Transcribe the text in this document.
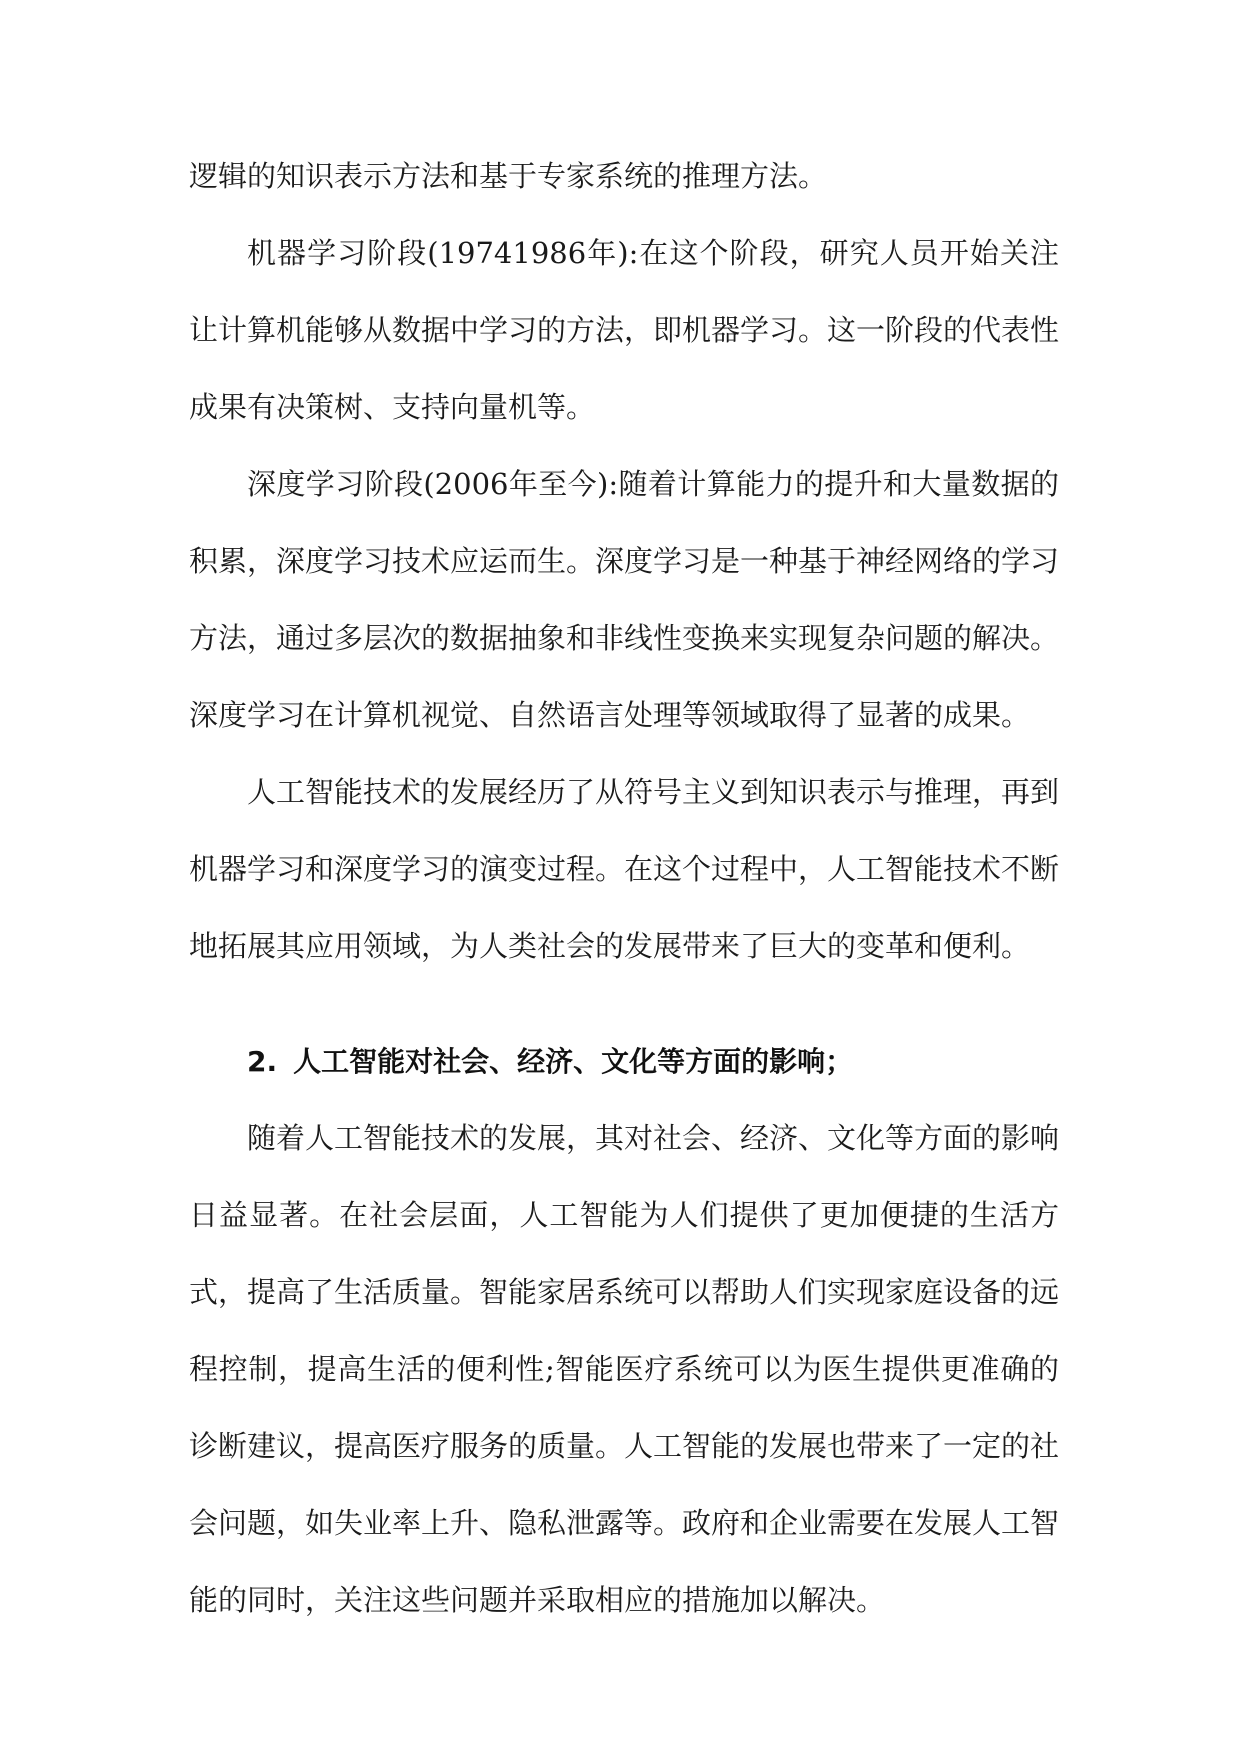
逻辑的知识表示方法和基于专家系统的推理方法。

机器学习阶段(19741986年):在这个阶段，研究人员开始关注让计算机能够从数据中学习的方法，即机器学习。这一阶段的代表性成果有决策树、支持向量机等。

深度学习阶段(2006年至今):随着计算能力的提升和大量数据的积累，深度学习技术应运而生。深度学习是一种基于神经网络的学习方法，通过多层次的数据抽象和非线性变换来实现复杂问题的解决。深度学习在计算机视觉、自然语言处理等领域取得了显著的成果。

人工智能技术的发展经历了从符号主义到知识表示与推理，再到机器学习和深度学习的演变过程。在这个过程中，人工智能技术不断地拓展其应用领域，为人类社会的发展带来了巨大的变革和便利。

2. 人工智能对社会、经济、文化等方面的影响；

随着人工智能技术的发展，其对社会、经济、文化等方面的影响日益显著。在社会层面，人工智能为人们提供了更加便捷的生活方式，提高了生活质量。智能家居系统可以帮助人们实现家庭设备的远程控制，提高生活的便利性;智能医疗系统可以为医生提供更准确的诊断建议，提高医疗服务的质量。人工智能的发展也带来了一定的社会问题，如失业率上升、隐私泄露等。政府和企业需要在发展人工智能的同时，关注这些问题并采取相应的措施加以解决。
